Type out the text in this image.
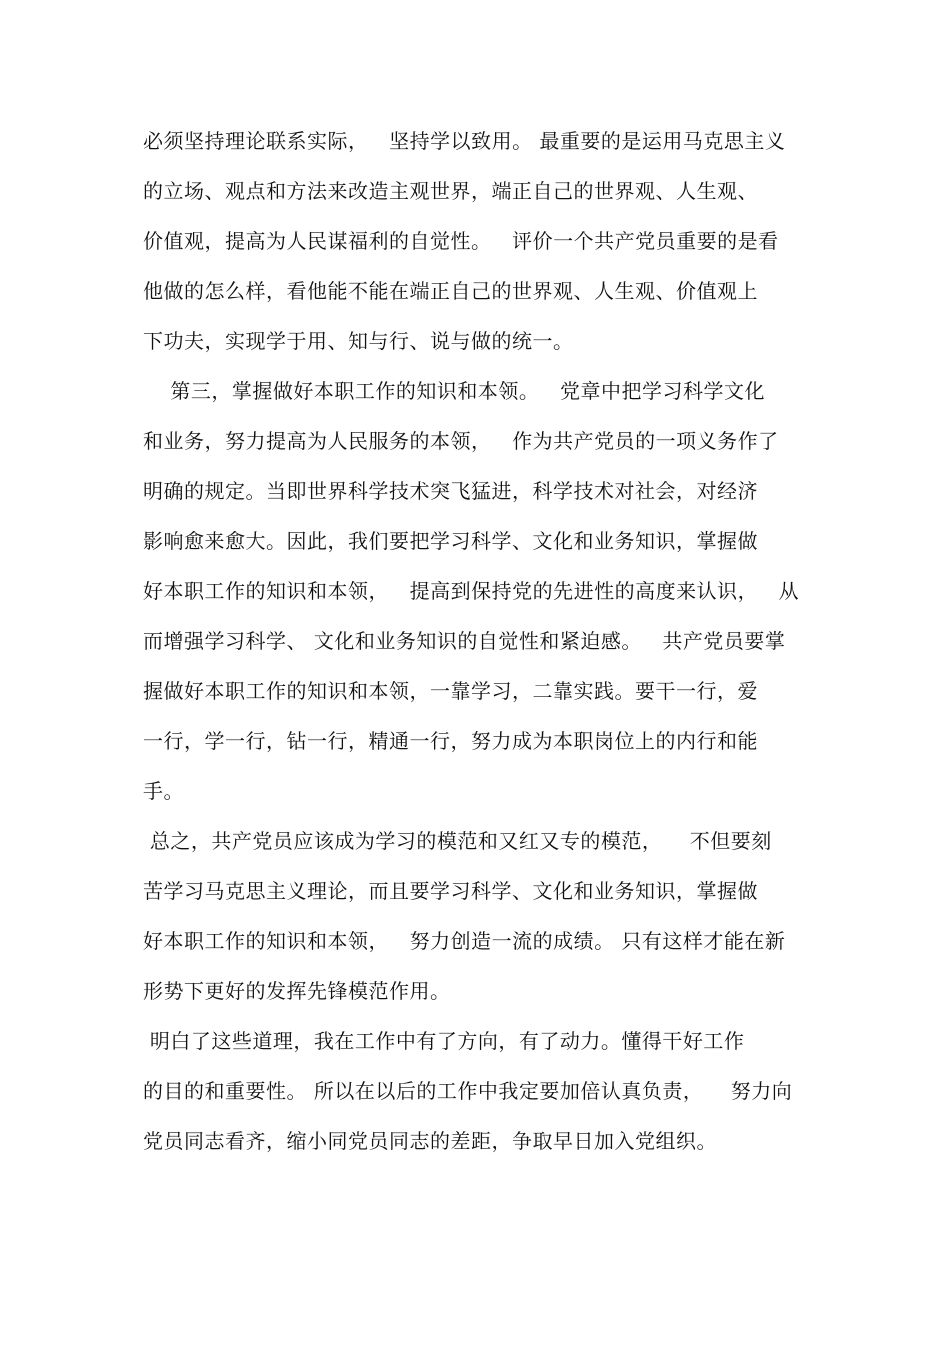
必须坚持理论联系实际，   坚持学以致用。 最重要的是运用马克思主义
的立场、观点和方法来改造主观世界，端正自己的世界观、人生观、
价值观，提高为人民谋福利的自觉性。   评价一个共产党员重要的是看
他做的怎么样，看他能不能在端正自己的世界观、人生观、价值观上
下功夫，实现学于用、知与行、说与做的统一。
第三，掌握做好本职工作的知识和本领。   党章中把学习科学文化
和业务，努力提高为人民服务的本领，   作为共产党员的一项义务作了
明确的规定。当即世界科学技术突飞猛进，科学技术对社会，对经济
影响愈来愈大。因此，我们要把学习科学、文化和业务知识，掌握做
好本职工作的知识和本领，   提高到保持党的先进性的高度来认识，   从
而增强学习科学、 文化和业务知识的自觉性和紧迫感。   共产党员要掌
握做好本职工作的知识和本领，一靠学习，二靠实践。要干一行，爱
一行，学一行，钻一行，精通一行，努力成为本职岗位上的内行和能
手。
总之，共产党员应该成为学习的模范和又红又专的模范，    不但要刻
苦学习马克思主义理论，而且要学习科学、文化和业务知识，掌握做
好本职工作的知识和本领，   努力创造一流的成绩。 只有这样才能在新
形势下更好的发挥先锋模范作用。
明白了这些道理，我在工作中有了方向，有了动力。懂得干好工作
的目的和重要性。 所以在以后的工作中我定要加倍认真负责，    努力向
党员同志看齐，缩小同党员同志的差距，争取早日加入党组织。
